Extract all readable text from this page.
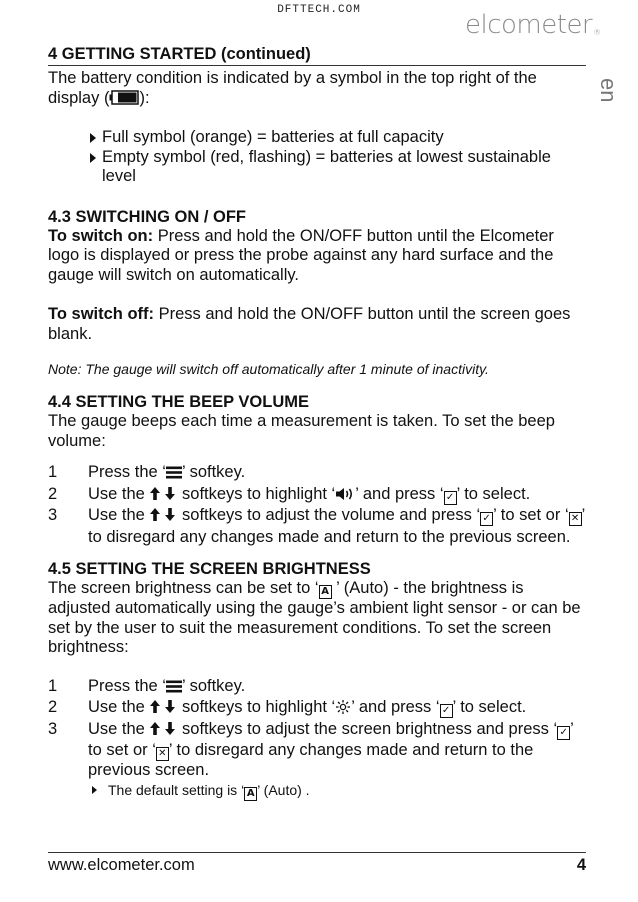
DFTTECH.COM	elcometer®
en
4 GETTING STARTED (continued)

The battery condition is indicated by a symbol in the top right of the display ( ):

Full symbol (orange) = batteries at full capacity
Empty symbol (red, flashing) = batteries at lowest sustainable level
4.3 SWITCHING ON / OFF

To switch on: Press and hold the ON/OFF button until the Elcometer logo is displayed or press the probe against any hard surface and the gauge will switch on automatically.

To switch off: Press and hold the ON/OFF button until the screen goes blank.

Note: The gauge will switch off automatically after 1 minute of inactivity.

4.4 SETTING THE BEEP VOLUME

The gauge beeps each time a measurement is taken. To set the beep volume:

1	Press the ‘ ’ softkey.
2	Use the  softkeys to highlight ‘ ’ and press ‘ ✓ ’ to select.
3	Use the  softkeys to adjust the volume and press ‘ ✓ ’ to set or ‘ ✕ ’ to disregard any changes made and return to the previous screen.
4.5 SETTING THE SCREEN BRIGHTNESS

The screen brightness can be set to ‘ A ’ (Auto) - the brightness is adjusted automatically using the gauge’s ambient light sensor - or can be set by the user to suit the measurement conditions. To set the screen brightness:

1	Press the ‘ ’ softkey.
2	Use the  softkeys to highlight ‘ ’ and press ‘ ✓ ’ to select.
3	Use the  softkeys to adjust the screen brightness and press ‘ ✓ ’ to set or ‘ ✕ ’ to disregard any changes made and return to the previous screen.
The default setting is ‘ A ’ (Auto) .
www.elcometer.com	4
